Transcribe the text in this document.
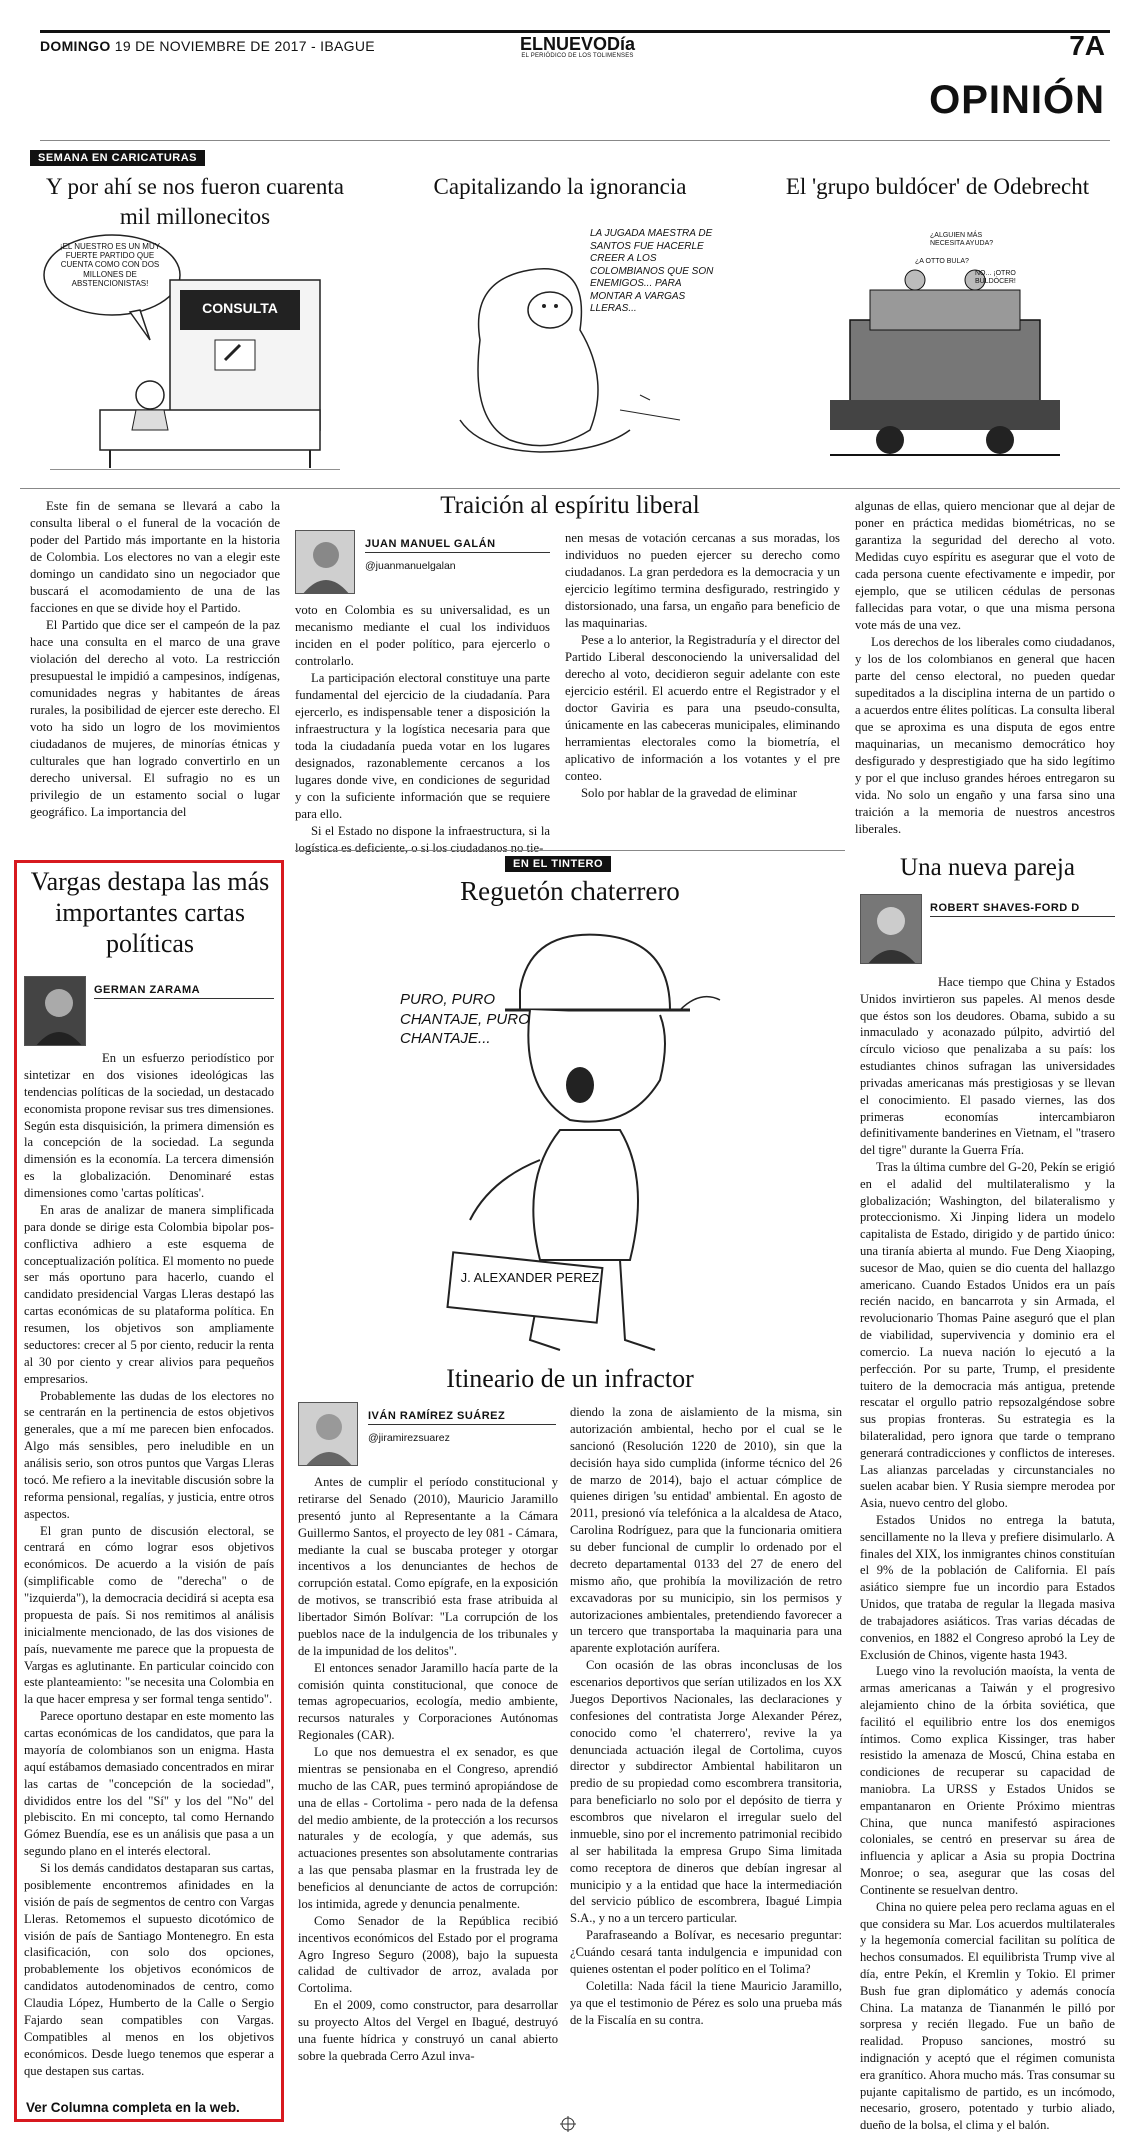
DOMINGO 19 DE NOVIEMBRE DE 2017 - IBAGUE	ELNUEVODía
EL PERIÓDICO DE LOS TOLIMENSES	7A
OPINIÓN
SEMANA EN CARICATURAS
Y por ahí se nos fueron cuarenta mil millonecitos
Capitalizando la ignorancia	El 'grupo buldócer' de Odebrecht
¡EL NUESTRO ES UN MUY FUERTE PARTIDO QUE CUENTA COMO CON DOS MILLONES DE ABSTENCIONISTAS!
CONSULTA
LA JUGADA MAESTRA DE SANTOS FUE HACERLE CREER A LOS COLOMBIANOS QUE SON ENEMIGOS... PARA MONTAR A VARGAS LLERAS...
¿ALGUIEN MÁS NECESITA AYUDA?
¿A OTTO BULA?
NO... ¡OTRO BULDÓCER!
Traición al espíritu liberal
JUAN MANUEL GALÁN
@juanmanuelgalan

Este fin de semana se llevará a cabo la consulta liberal o el funeral de la vocación de poder del Partido más importante en la historia de Colombia. Los electores no van a elegir este domingo un candidato sino un negociador que buscará el acomodamiento de una de las facciones en que se divide hoy el Partido.

El Partido que dice ser el campeón de la paz hace una consulta en el marco de una grave violación del derecho al voto. La restricción presupuestal le impidió a campesinos, indígenas, comunidades negras y habitantes de áreas rurales, la posibilidad de ejercer este derecho. El voto ha sido un logro de los movimientos ciudadanos de mujeres, de minorías étnicas y culturales que han logrado convertirlo en un derecho universal. El sufragio no es un privilegio de un estamento social o lugar geográfico. La importancia del

voto en Colombia es su universalidad, es un mecanismo mediante el cual los individuos inciden en el poder político, para ejercerlo o controlarlo.

La participación electoral constituye una parte fundamental del ejercicio de la ciudadanía. Para ejercerlo, es indispensable tener a disposición la infraestructura y la logística necesaria para que toda la ciudadanía pueda votar en los lugares designados, razonablemente cercanos a los lugares donde vive, en condiciones de seguridad y con la suficiente información que se requiere para ello.

Si el Estado no dispone la infraestructura, si la logística es deficiente, o si los ciudadanos no tie-

nen mesas de votación cercanas a sus moradas, los individuos no pueden ejercer su derecho como ciudadanos. La gran perdedora es la democracia y un ejercicio legítimo termina desfigurado, restringido y distorsionado, una farsa, un engaño para beneficio de las maquinarias.

Pese a lo anterior, la Registraduría y el director del Partido Liberal desconociendo la universalidad del derecho al voto, decidieron seguir adelante con este ejercicio estéril. El acuerdo entre el Registrador y el doctor Gaviria es para una pseudo-consulta, únicamente en las cabeceras municipales, eliminando herramientas electorales como la biometría, el aplicativo de información a los votantes y el pre conteo.

Solo por hablar de la gravedad de eliminar

algunas de ellas, quiero mencionar que al dejar de poner en práctica medidas biométricas, no se garantiza la seguridad del derecho al voto. Medidas cuyo espíritu es asegurar que el voto de cada persona cuente efectivamente e impedir, por ejemplo, que se utilicen cédulas de personas fallecidas para votar, o que una misma persona vote más de una vez.

Los derechos de los liberales como ciudadanos, y los de los colombianos en general que hacen parte del censo electoral, no pueden quedar supeditados a la disciplina interna de un partido o a acuerdos entre élites políticas. La consulta liberal que se aproxima es una disputa de egos entre maquinarias, un mecanismo democrático hoy desfigurado y desprestigiado que ha sido legítimo y por el que incluso grandes héroes entregaron su vida. No solo un engaño y una farsa sino una traición a la memoria de nuestros ancestros liberales.

Vargas destapa las más importantes cartas políticas
GERMAN ZARAMA

En un esfuerzo periodístico por sintetizar en dos visiones ideológicas las tendencias políticas de la sociedad, un destacado economista propone revisar sus tres dimensiones. Según esta disquisición, la primera dimensión es la concepción de la sociedad. La segunda dimensión es la economía. La tercera dimensión es la globalización. Denominaré estas dimensiones como 'cartas políticas'.

En aras de analizar de manera simplificada para donde se dirige esta Colombia bipolar pos-conflictiva adhiero a este esquema de conceptualización política. El momento no puede ser más oportuno para hacerlo, cuando el candidato presidencial Vargas Lleras destapó las cartas económicas de su plataforma política. En resumen, los objetivos son ampliamente seductores: crecer al 5 por ciento, reducir la renta al 30 por ciento y crear alivios para pequeños empresarios.

Probablemente las dudas de los electores no se centrarán en la pertinencia de estos objetivos generales, que a mí me parecen bien enfocados. Algo más sensibles, pero ineludible en un análisis serio, son otros puntos que Vargas Lleras tocó. Me refiero a la inevitable discusión sobre la reforma pensional, regalías, y justicia, entre otros aspectos.

El gran punto de discusión electoral, se centrará en cómo lograr esos objetivos económicos. De acuerdo a la visión de país (simplificable como de "derecha" o de "izquierda"), la democracia decidirá si acepta esa propuesta de país. Si nos remitimos al análisis inicialmente mencionado, de las dos visiones de país, nuevamente me parece que la propuesta de Vargas es aglutinante. En particular coincido con este planteamiento: "se necesita una Colombia en la que hacer empresa y ser formal tenga sentido".

Parece oportuno destapar en este momento las cartas económicas de los candidatos, que para la mayoría de colombianos son un enigma. Hasta aquí estábamos demasiado concentrados en mirar las cartas de "concepción de la sociedad", divididos entre los del "Sí" y los del "No" del plebiscito. En mi concepto, tal como Hernando Gómez Buendía, ese es un análisis que pasa a un segundo plano en el interés electoral.

Si los demás candidatos destaparan sus cartas, posiblemente encontremos afinidades en la visión de país de segmentos de centro con Vargas Lleras. Retomemos el supuesto dicotómico de visión de país de Santiago Montenegro. En esta clasificación, con solo dos opciones, probablemente los objetivos económicos de candidatos autodenominados de centro, como Claudia López, Humberto de la Calle o Sergio Fajardo sean compatibles con Vargas. Compatibles al menos en los objetivos económicos. Desde luego tenemos que esperar a que destapen sus cartas.

Ver Columna completa en la web.
EN EL TINTERO
Reguetón chaterrero
PURO, PURO CHANTAJE, PURO CHANTAJE...
J. ALEXANDER PEREZ
Una nueva pareja
ROBERT SHAVES-FORD D

Hace tiempo que China y Estados Unidos invirtieron sus papeles. Al menos desde que éstos son los deudores. Obama, subido a su inmaculado y aconazado púlpito, advirtió del círculo vicioso que penalizaba a su país: los estudiantes chinos sufragan las universidades privadas americanas más prestigiosas y se llevan el conocimiento. El pasado viernes, las dos primeras economías intercambiaron definitivamente banderines en Vietnam, el "trasero del tigre" durante la Guerra Fría.

Tras la última cumbre del G-20, Pekín se erigió en el adalid del multilateralismo y la globalización; Washington, del bilateralismo y proteccionismo. Xi Jinping lidera un modelo capitalista de Estado, dirigido y de partido único: una tiranía abierta al mundo. Fue Deng Xiaoping, sucesor de Mao, quien se dio cuenta del hallazgo americano. Cuando Estados Unidos era un país recién nacido, en bancarrota y sin Armada, el revolucionario Thomas Paine aseguró que el plan de viabilidad, supervivencia y dominio era el comercio. La nueva nación lo ejecutó a la perfección. Por su parte, Trump, el presidente tuitero de la democracia más antigua, pretende rescatar el orgullo patrio repsozalgéndose sobre sus propias fronteras. Su estrategia es la bilateralidad, pero ignora que tarde o temprano generará contradicciones y conflictos de intereses. Las alianzas parceladas y circunstanciales no suelen acabar bien. Y Rusia siempre merodea por Asia, nuevo centro del globo.

Estados Unidos no entrega la batuta, sencillamente no la lleva y prefiere disimularlo. A finales del XIX, los inmigrantes chinos constituían el 9% de la población de California. El país asiático siempre fue un incordio para Estados Unidos, que trataba de regular la llegada masiva de trabajadores asiáticos. Tras varias décadas de convenios, en 1882 el Congreso aprobó la Ley de Exclusión de Chinos, vigente hasta 1943.

Luego vino la revolución maoísta, la venta de armas americanas a Taiwán y el progresivo alejamiento chino de la órbita soviética, que facilitó el equilibrio entre los dos enemigos íntimos. Como explica Kissinger, tras haber resistido la amenaza de Moscú, China estaba en condiciones de recuperar su capacidad de maniobra. La URSS y Estados Unidos se empantanaron en Oriente Próximo mientras China, que nunca manifestó aspiraciones coloniales, se centró en preservar su área de influencia y aplicar a Asia su propia Doctrina Monroe; o sea, asegurar que las cosas del Continente se resuelvan dentro.

China no quiere pelea pero reclama aguas en el que considera su Mar. Los acuerdos multilaterales y la hegemonía comercial facilitan su política de hechos consumados. El equilibrista Trump vive al día, entre Pekín, el Kremlin y Tokio. El primer Bush fue gran diplomático y además conocía China. La matanza de Tiananmén le pilló por sorpresa y recién llegado. Fue un baño de realidad. Propuso sanciones, mostró su indignación y aceptó que el régimen comunista era granítico. Ahora mucho más. Tras consumar su pujante capitalismo de partido, es un incómodo, necesario, grosero, potentado y turbio aliado, dueño de la bolsa, el clima y el balón.

Itineario de un infractor
IVÁN RAMÍREZ SUÁREZ
@jiramirezsuarez

Antes de cumplir el período constitucional y retirarse del Senado (2010), Mauricio Jaramillo presentó junto al Representante a la Cámara Guillermo Santos, el proyecto de ley 081 - Cámara, mediante la cual se buscaba proteger y otorgar incentivos a los denunciantes de hechos de corrupción estatal. Como epígrafe, en la exposición de motivos, se transcribió esta frase atribuida al libertador Simón Bolívar: "La corrupción de los pueblos nace de la indulgencia de los tribunales y de la impunidad de los delitos".

El entonces senador Jaramillo hacía parte de la comisión quinta constitucional, que conoce de temas agropecuarios, ecología, medio ambiente, recursos naturales y Corporaciones Autónomas Regionales (CAR).

Lo que nos demuestra el ex senador, es que mientras se pensionaba en el Congreso, aprendió mucho de las CAR, pues terminó apropiándose de una de ellas - Cortolima - pero nada de la defensa del medio ambiente, de la protección a los recursos naturales y de ecología, y que además, sus actuaciones presentes son absolutamente contrarias a las que pensaba plasmar en la frustrada ley de beneficios al denunciante de actos de corrupción: los intimida, agrede y denuncia penalmente.

Como Senador de la República recibió incentivos económicos del Estado por el programa Agro Ingreso Seguro (2008), bajo la supuesta calidad de cultivador de arroz, avalada por Cortolima.

En el 2009, como constructor, para desarrollar su proyecto Altos del Vergel en Ibagué, destruyó una fuente hídrica y construyó un canal abierto sobre la quebrada Cerro Azul inva-

diendo la zona de aislamiento de la misma, sin autorización ambiental, hecho por el cual se le sancionó (Resolución 1220 de 2010), sin que la decisión haya sido cumplida (informe técnico del 26 de marzo de 2014), bajo el actuar cómplice de quienes dirigen 'su entidad' ambiental. En agosto de 2011, presionó vía telefónica a la alcaldesa de Ataco, Carolina Rodríguez, para que la funcionaria omitiera su deber funcional de cumplir lo ordenado por el decreto departamental 0133 del 27 de enero del mismo año, que prohibía la movilización de retro excavadoras por su municipio, sin los permisos y autorizaciones ambientales, pretendiendo favorecer a un tercero que transportaba la maquinaria para una aparente explotación aurífera.

Con ocasión de las obras inconclusas de los escenarios deportivos que serían utilizados en los XX Juegos Deportivos Nacionales, las declaraciones y confesiones del contratista Jorge Alexander Pérez, conocido como 'el chaterrero', revive la ya denunciada actuación ilegal de Cortolima, cuyos director y subdirector Ambiental habilitaron un predio de su propiedad como escombrera transitoria, para beneficiarlo no solo por el depósito de tierra y escombros que nivelaron el irregular suelo del inmueble, sino por el incremento patrimonial recibido al ser habilitada la empresa Grupo Sima limitada como receptora de dineros que debían ingresar al municipio y a la entidad que hace la intermediación del servicio público de escombrera, Ibagué Limpia S.A., y no a un tercero particular.

Parafraseando a Bolívar, es necesario preguntar: ¿Cuándo cesará tanta indulgencia e impunidad con quienes ostentan el poder político en el Tolima?

Coletilla: Nada fácil la tiene Mauricio Jaramillo, ya que el testimonio de Pérez es solo una prueba más de la Fiscalía en su contra.
